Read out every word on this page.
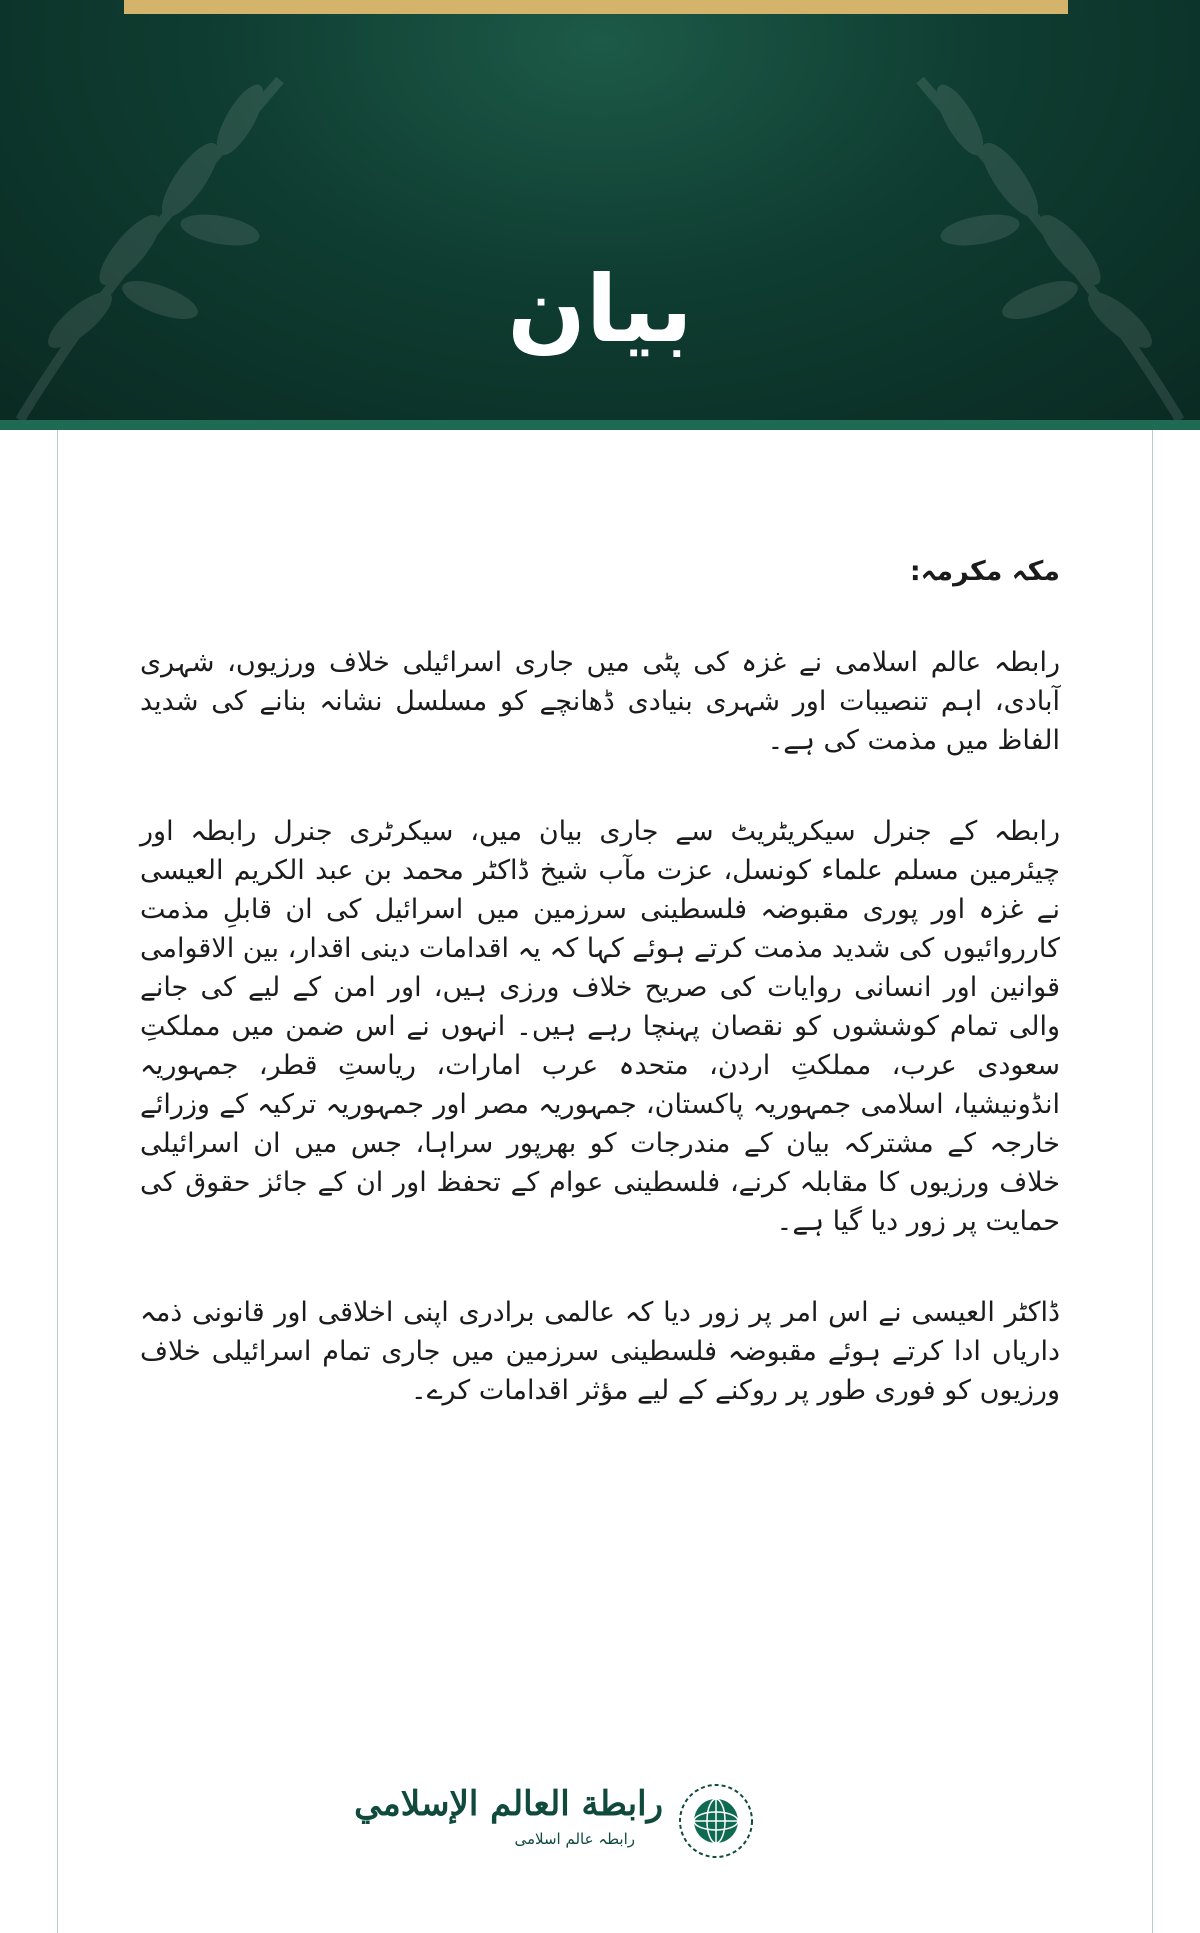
بیان

مکہ مکرمہ:

رابطہ عالم اسلامی نے غزہ کی پٹی میں جاری اسرائیلی خلاف ورزیوں، شہری آبادی، اہم تنصیبات اور شہری بنیادی ڈھانچے کو مسلسل نشانہ بنانے کی شدید الفاظ میں مذمت کی ہے۔

رابطہ کے جنرل سیکریٹریٹ سے جاری بیان میں، سیکرٹری جنرل رابطہ اور چیئرمین مسلم علماء کونسل، عزت مآب شیخ ڈاکٹر محمد بن عبد الکریم العیسی نے غزہ اور پوری مقبوضہ فلسطینی سرزمین میں اسرائیل کی ان قابلِ مذمت کارروائیوں کی شدید مذمت کرتے ہوئے کہا کہ یہ اقدامات دینی اقدار، بین الاقوامی قوانین اور انسانی روایات کی صریح خلاف ورزی ہیں، اور امن کے لیے کی جانے والی تمام کوششوں کو نقصان پہنچا رہے ہیں۔ انہوں نے اس ضمن میں مملکتِ سعودی عرب، مملکتِ اردن، متحدہ عرب امارات، ریاستِ قطر، جمہوریہ انڈونیشیا، اسلامی جمہوریہ پاکستان، جمہوریہ مصر اور جمہوریہ ترکیہ کے وزرائے خارجہ کے مشترکہ بیان کے مندرجات کو بھرپور سراہا، جس میں ان اسرائیلی خلاف ورزیوں کا مقابلہ کرنے، فلسطینی عوام کے تحفظ اور ان کے جائز حقوق کی حمایت پر زور دیا گیا ہے۔

ڈاکٹر العیسی نے اس امر پر زور دیا کہ عالمی برادری اپنی اخلاقی اور قانونی ذمہ داریاں ادا کرتے ہوئے مقبوضہ فلسطینی سرزمین میں جاری تمام اسرائیلی خلاف ورزیوں کو فوری طور پر روکنے کے لیے مؤثر اقدامات کرے۔

رابطة العالم الإسلامي
رابطہ عالم اسلامی
